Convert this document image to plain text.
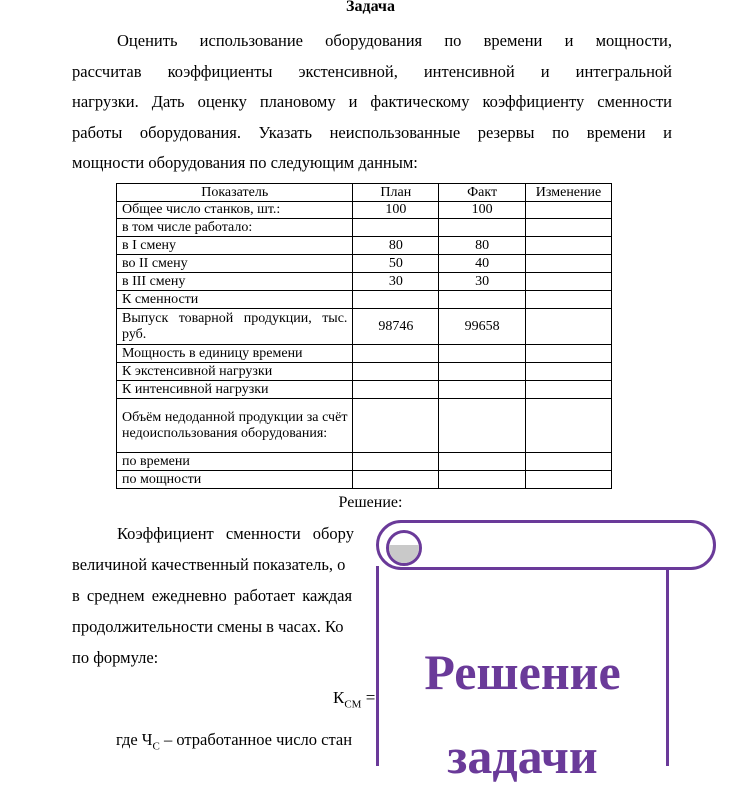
Задача
Оценить использование оборудования по времени и мощности,
рассчитав коэффициенты экстенсивной, интенсивной и интегральной
нагрузки. Дать оценку плановому и фактическому коэффициенту сменности
работы оборудования. Указать неиспользованные резервы по времени и
мощности оборудования по следующим данным:
Показатель	План	Факт	Изменение
Общее число станков, шт.:	100	100	
в том числе работало:			
в I смену	80	80	
во II смену	50	40	
в III смену	30	30	
К сменности			
Выпуск товарной продукции, тыс. руб.	98746	99658	
Мощность в единицу времени			
К экстенсивной нагрузки			
К интенсивной нагрузки			
Объём недоданной продукции за счёт недоиспользования оборудования:			
по времени			
по мощности			
Решение:
Коэффициент сменности обору
величиной качественный показатель, о
в среднем ежедневно работает каждая
продолжительности смены в часах. Ко
по формуле:
$К_{СМ}$ =
где $Ч_С$ – отработанное число стан
Решение
задачи
